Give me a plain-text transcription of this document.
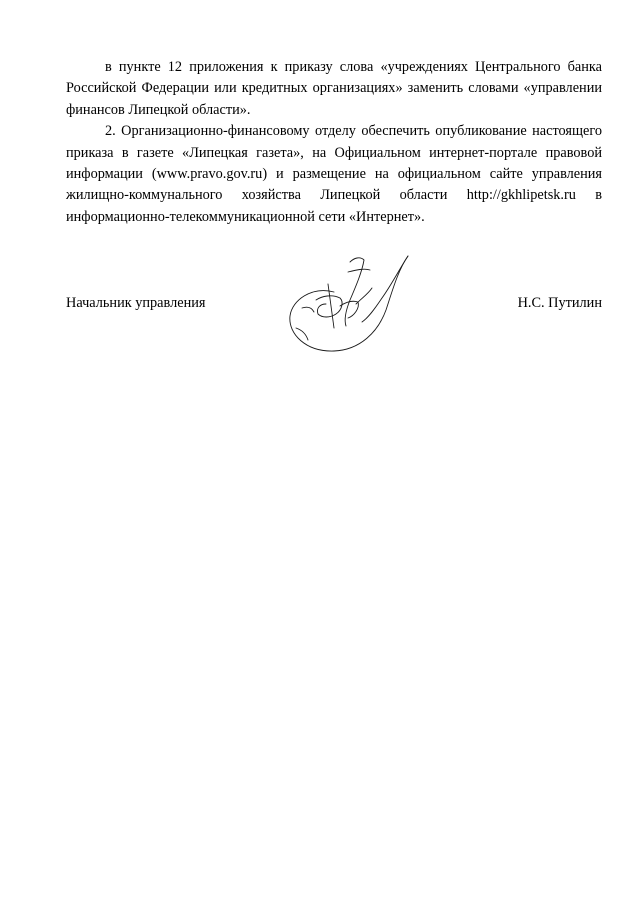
в пункте 12 приложения к приказу слова «учреждениях Центрального банка Российской Федерации или кредитных организациях» заменить словами «управлении финансов Липецкой области».

2. Организационно-финансовому отделу обеспечить опубликование настоящего приказа в газете «Липецкая газета», на Официальном интернет-портале правовой информации (www.pravo.gov.ru) и размещение на официальном сайте управления жилищно-коммунального хозяйства Липецкой области http://gkhlipetsk.ru в информационно-телекоммуникационной сети «Интернет».

Начальник управления	Н.С. Путилин
